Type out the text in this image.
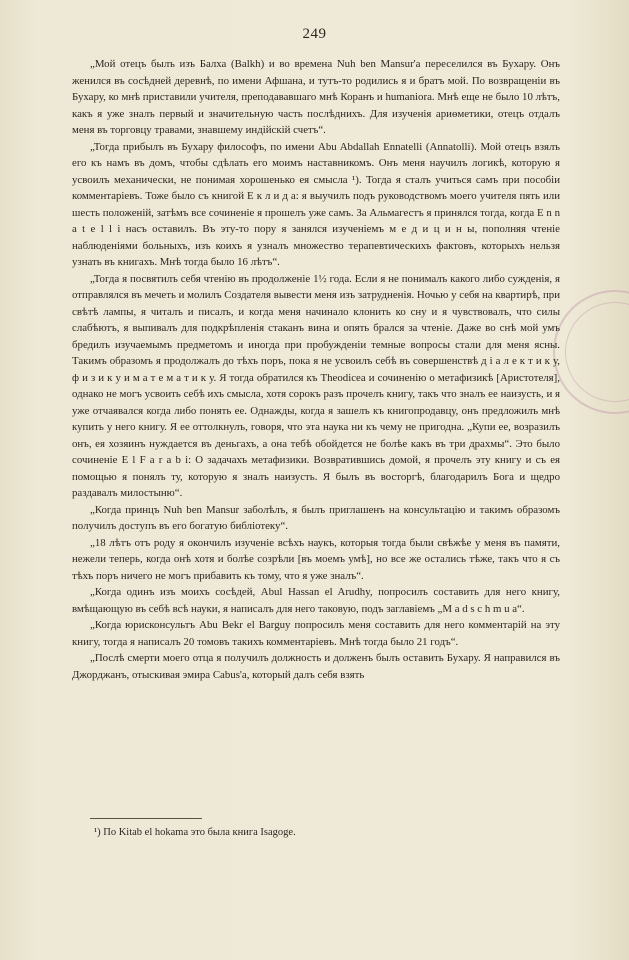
249

„Мой отецъ былъ изъ Балха (Balkh) и во времена Nuh ben Mansur'a переселился въ Бухару. Онъ женился въ сосѣдней деревнѣ, по имени Афшана, и тутъ-то родились я и братъ мой. По возвращеніи въ Бухару, ко мнѣ приставили учителя, преподававшаго мнѣ Коранъ и humaniora. Мнѣ еще не было 10 лѣтъ, какъ я уже зналъ первый и значительную часть послѣднихъ. Для изученія ариѳметики, отецъ отдалъ меня въ торговцу травами, знавшему индійскій счетъ“.

„Тогда прибылъ въ Бухару философъ, по имени Abu Abdallah Ennatelli (Annatolli). Мой отецъ взялъ его къ намъ въ домъ, чтобы сдѣлать его моимъ наставникомъ. Онъ меня научилъ логикѣ, которую я усвоилъ механически, не понимая хорошенько ея смысла ¹). Тогда я сталъ учиться самъ при пособіи комментаріевъ. Тоже было съ книгой Е к л и д а: я выучилъ подъ руководствомъ моего учителя пять или шесть положеній, затѣмъ все сочиненіе я прошелъ уже самъ. За Альмагестъ я принялся тогда, когда Е n n a t e l l i насъ оставилъ. Въ эту-то пору я занялся изученіемъ м е д и ц и н ы, пополняя чтеніе наблюденіями больныхъ, изъ коихъ я узналъ множество терапевтическихъ фактовъ, которыхъ нельзя узнать въ книгахъ. Мнѣ тогда было 16 лѣтъ“.

„Тогда я посвятилъ себя чтенію въ продолженіе 1½ года. Если я не понималъ какого либо сужденія, я отправлялся въ мечеть и молилъ Создателя вывести меня изъ затрудненія. Ночью у себя на квартирѣ, при свѣтѣ лампы, я читалъ и писалъ, и когда меня начинало клонить ко сну и я чувствовалъ, что силы слабѣютъ, я выпивалъ для подкрѣпленія стаканъ вина и опять брался за чтеніе. Даже во снѣ мой умъ бредилъ изучаемымъ предметомъ и иногда при пробужденіи темные вопросы стали для меня ясны. Такимъ образомъ я продолжалъ до тѣхъ поръ, пока я не усвоилъ себѣ въ совершенствѣ д і а л е к т и к у, ф и з и к у и м а т е м а т и к у. Я тогда обратился къ Theodicea и сочиненію о метафизикѣ [Аристотеля], однако не могъ усвоить себѣ ихъ смысла, хотя сорокъ разъ прочелъ книгу, такъ что зналъ ее наизусть, и я уже отчаявался когда либо понять ее. Однажды, когда я зашелъ къ книгопродавцу, онъ предложилъ мнѣ купить у него книгу. Я ее оттолкнулъ, говоря, что эта наука ни къ чему не пригодна. „Купи ее, возразилъ онъ, ея хозяинъ нуждается въ деньгахъ, а она тебѣ обойдется не болѣе какъ въ три драхмы“. Это было сочиненіе E l F a r a b i: О задачахъ метафизики. Возвратившись домой, я прочелъ эту книгу и съ ея помощью я понялъ ту, которую я зналъ наизусть. Я былъ въ восторгѣ, благодарилъ Бога и щедро раздавалъ милостыню“.

„Когда принцъ Nuh ben Mansur заболѣлъ, я былъ приглашенъ на консультацію и такимъ образомъ получилъ доступъ въ его богатую библіотеку“.

„18 лѣтъ отъ роду я окончилъ изученіе всѣхъ наукъ, которыя тогда были свѣжѣе у меня въ памяти, нежели теперь, когда онѣ хотя и болѣе созрѣли [въ моемъ умѣ], но все же остались тѣже, такъ что я съ тѣхъ поръ ничего не могъ прибавить къ тому, что я уже зналъ“.

„Когда одинъ изъ моихъ сосѣдей, Abul Hassan el Arudhy, попросилъ составить для него книгу, вмѣщающую въ себѣ всѣ науки, я написалъ для него таковую, подъ заглавіемъ „M a d s c h m u a“.

„Когда юрисконсультъ Abu Bekr el Barguy попросилъ меня составить для него комментарій на эту книгу, тогда я написалъ 20 томовъ такихъ комментаріевъ. Мнѣ тогда было 21 годъ“.

„Послѣ смерти моего отца я получилъ должность и долженъ былъ оставить Бухару. Я направился въ Джорджанъ, отыскивая эмира Cabus'a, который далъ себя взять

¹) По Kitab el hokama это была книга Isagoge.
